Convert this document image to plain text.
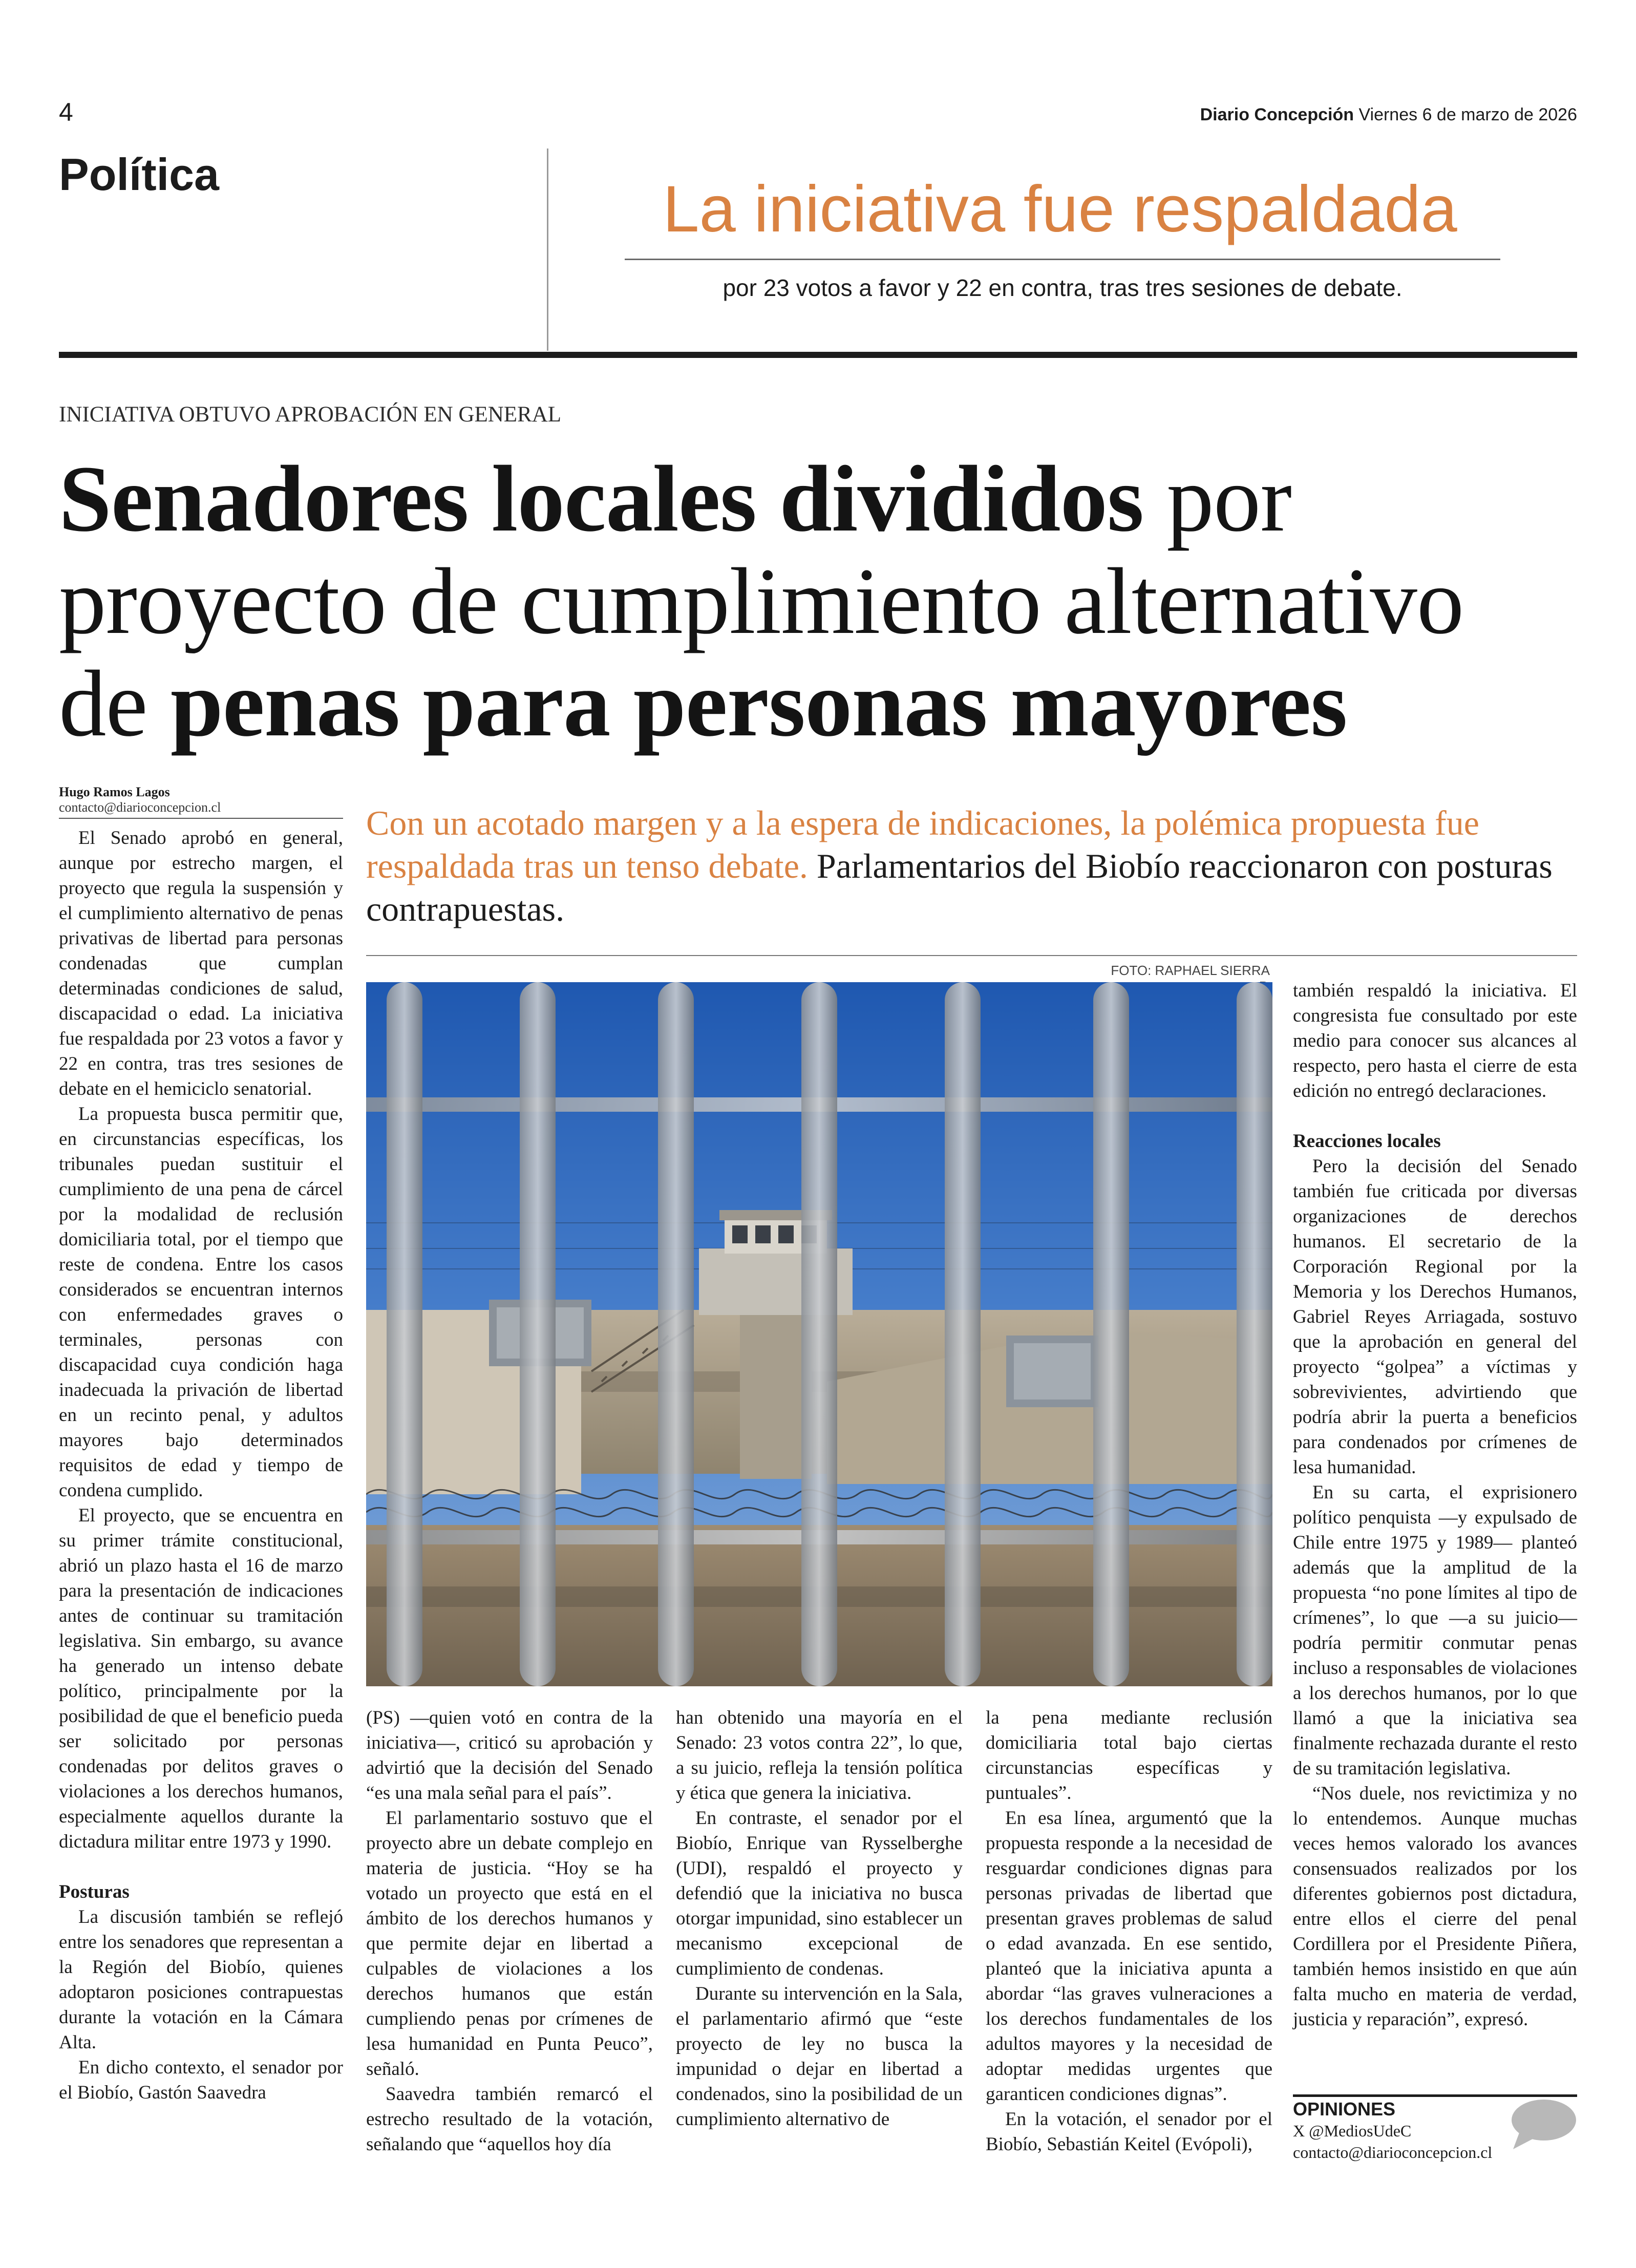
4	Diario Concepción Viernes 6 de marzo de 2026
Política	La iniciativa fue respaldada
por 23 votos a favor y 22 en contra, tras tres sesiones de debate.
INICIATIVA OBTUVO APROBACIÓN EN GENERAL
Senadores locales divididos por proyecto de cumplimiento alternativo de penas para personas mayores
Hugo Ramos Lagos
contacto@diarioconcepcion.cl	Con un acotado margen y a la espera de indicaciones, la polémica propuesta fue respaldada tras un tenso debate. Parlamentarios del Biobío reaccionaron con posturas contrapuestas.
FOTO: RAPHAEL SIERRA

El Senado aprobó en general, aunque por estrecho margen, el proyecto que regula la suspensión y el cumplimiento alternativo de penas privativas de libertad para personas condenadas que cumplan determinadas condiciones de salud, discapacidad o edad. La iniciativa fue respaldada por 23 votos a favor y 22 en contra, tras tres sesiones de debate en el hemiciclo senatorial.

La propuesta busca permitir que, en circunstancias específicas, los tribunales puedan sustituir el cumplimiento de una pena de cárcel por la modalidad de reclusión domiciliaria total, por el tiempo que reste de condena. Entre los casos considerados se encuentran internos con enfermedades graves o terminales, personas con discapacidad cuya condición haga inadecuada la privación de libertad en un recinto penal, y adultos mayores bajo determinados requisitos de edad y tiempo de condena cumplido.

El proyecto, que se encuentra en su primer trámite constitucional, abrió un plazo hasta el 16 de marzo para la presentación de indicaciones antes de continuar su tramitación legislativa. Sin embargo, su avance ha generado un intenso debate político, principalmente por la posibilidad de que el beneficio pueda ser solicitado por personas condenadas por delitos graves o violaciones a los derechos humanos, especialmente aquellos durante la dictadura militar entre 1973 y 1990.

Posturas

La discusión también se reflejó entre los senadores que representan a la Región del Biobío, quienes adoptaron posiciones contrapuestas durante la votación en la Cámara Alta.

En dicho contexto, el senador por el Biobío, Gastón Saavedra

(PS) —quien votó en contra de la iniciativa—, criticó su aprobación y advirtió que la decisión del Senado “es una mala señal para el país”.

El parlamentario sostuvo que el proyecto abre un debate complejo en materia de justicia. “Hoy se ha votado un proyecto que está en el ámbito de los derechos humanos y que permite dejar en libertad a culpables de violaciones a los derechos humanos que están cumpliendo penas por crímenes de lesa humanidad en Punta Peuco”, señaló.

Saavedra también remarcó el estrecho resultado de la votación, señalando que “aquellos hoy día

han obtenido una mayoría en el Senado: 23 votos contra 22”, lo que, a su juicio, refleja la tensión política y ética que genera la iniciativa.

En contraste, el senador por el Biobío, Enrique van Rysselberghe (UDI), respaldó el proyecto y defendió que la iniciativa no busca otorgar impunidad, sino establecer un mecanismo excepcional de cumplimiento de condenas.

Durante su intervención en la Sala, el parlamentario afirmó que “este proyecto de ley no busca la impunidad o dejar en libertad a condenados, sino la posibilidad de un cumplimiento alternativo de

la pena mediante reclusión domiciliaria total bajo ciertas circunstancias específicas y puntuales”.

En esa línea, argumentó que la propuesta responde a la necesidad de resguardar condiciones dignas para personas privadas de libertad que presentan graves problemas de salud o edad avanzada. En ese sentido, planteó que la iniciativa apunta a abordar “las graves vulneraciones a los derechos fundamentales de los adultos mayores y la necesidad de adoptar medidas urgentes que garanticen condiciones dignas”.

En la votación, el senador por el Biobío, Sebastián Keitel (Evópoli),

también respaldó la iniciativa. El congresista fue consultado por este medio para conocer sus alcances al respecto, pero hasta el cierre de esta edición no entregó declaraciones.

Reacciones locales

Pero la decisión del Senado también fue criticada por diversas organizaciones de derechos humanos. El secretario de la Corporación Regional por la Memoria y los Derechos Humanos, Gabriel Reyes Arriagada, sostuvo que la aprobación en general del proyecto “golpea” a víctimas y sobrevivientes, advirtiendo que podría abrir la puerta a beneficios para condenados por crímenes de lesa humanidad.

En su carta, el exprisionero político penquista —y expulsado de Chile entre 1975 y 1989— planteó además que la amplitud de la propuesta “no pone límites al tipo de crímenes”, lo que —a su juicio— podría permitir conmutar penas incluso a responsables de violaciones a los derechos humanos, por lo que llamó a que la iniciativa sea finalmente rechazada durante el resto de su tramitación legislativa.

“Nos duele, nos revictimiza y no lo entendemos. Aunque muchas veces hemos valorado los avances consensuados realizados por los diferentes gobiernos post dictadura, entre ellos el cierre del penal Cordillera por el Presidente Piñera, también hemos insistido en que aún falta mucho en materia de verdad, justicia y reparación”, expresó.

OPINIONES
X @MediosUdeC
contacto@diarioconcepcion.cl
